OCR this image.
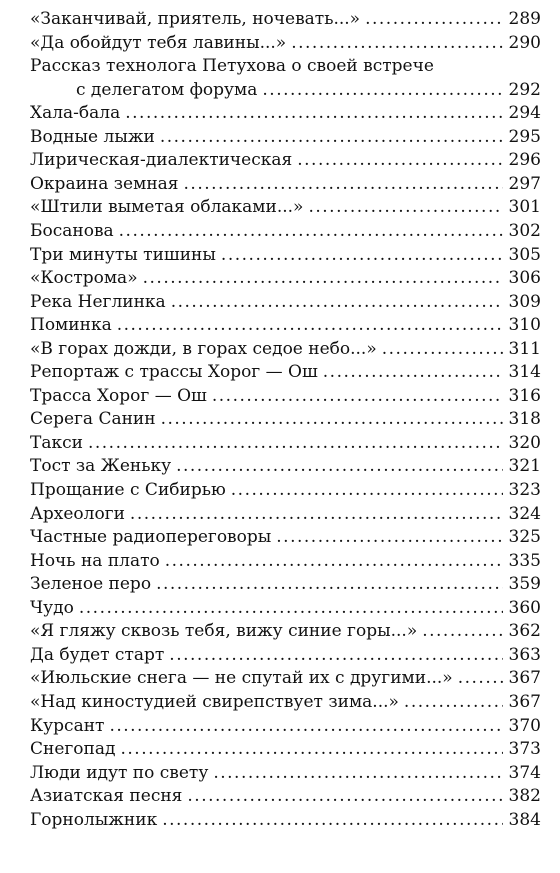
«Заканчивай, приятель, ночевать...» .....	289
«Да обойдут тебя лавины...» .....	290
Рассказ технолога Петухова о своей встрече
с делегатом форума .....	292
Хала-бала .....	294
Водные лыжи .....	295
Лирическая-диалектическая .....	296
Окраина земная .....	297
«Штили выметая облаками...» .....	301
Босанова .....	302
Три минуты тишины .....	305
«Кострома» .....	306
Река Неглинка .....	309
Поминка .....	310
«В горах дожди, в горах седое небо...» .....	311
Репортаж с трассы Хорог — Ош .....	314
Трасса Хорог — Ош .....	316
Серега Санин .....	318
Такси .....	320
Тост за Женьку .....	321
Прощание с Сибирью .....	323
Археологи .....	324
Частные радиопереговоры .....	325
Ночь на плато .....	335
Зеленое перо .....	359
Чудо .....	360
«Я гляжу сквозь тебя, вижу синие горы...» .....	362
Да будет старт .....	363
«Июльские снега — не спутай их с другими...» .....	367
«Над киностудией свирепствует зима...» .....	367
Курсант .....	370
Снегопад .....	373
Люди идут по свету .....	374
Азиатская песня .....	382
Горнолыжник .....	384
